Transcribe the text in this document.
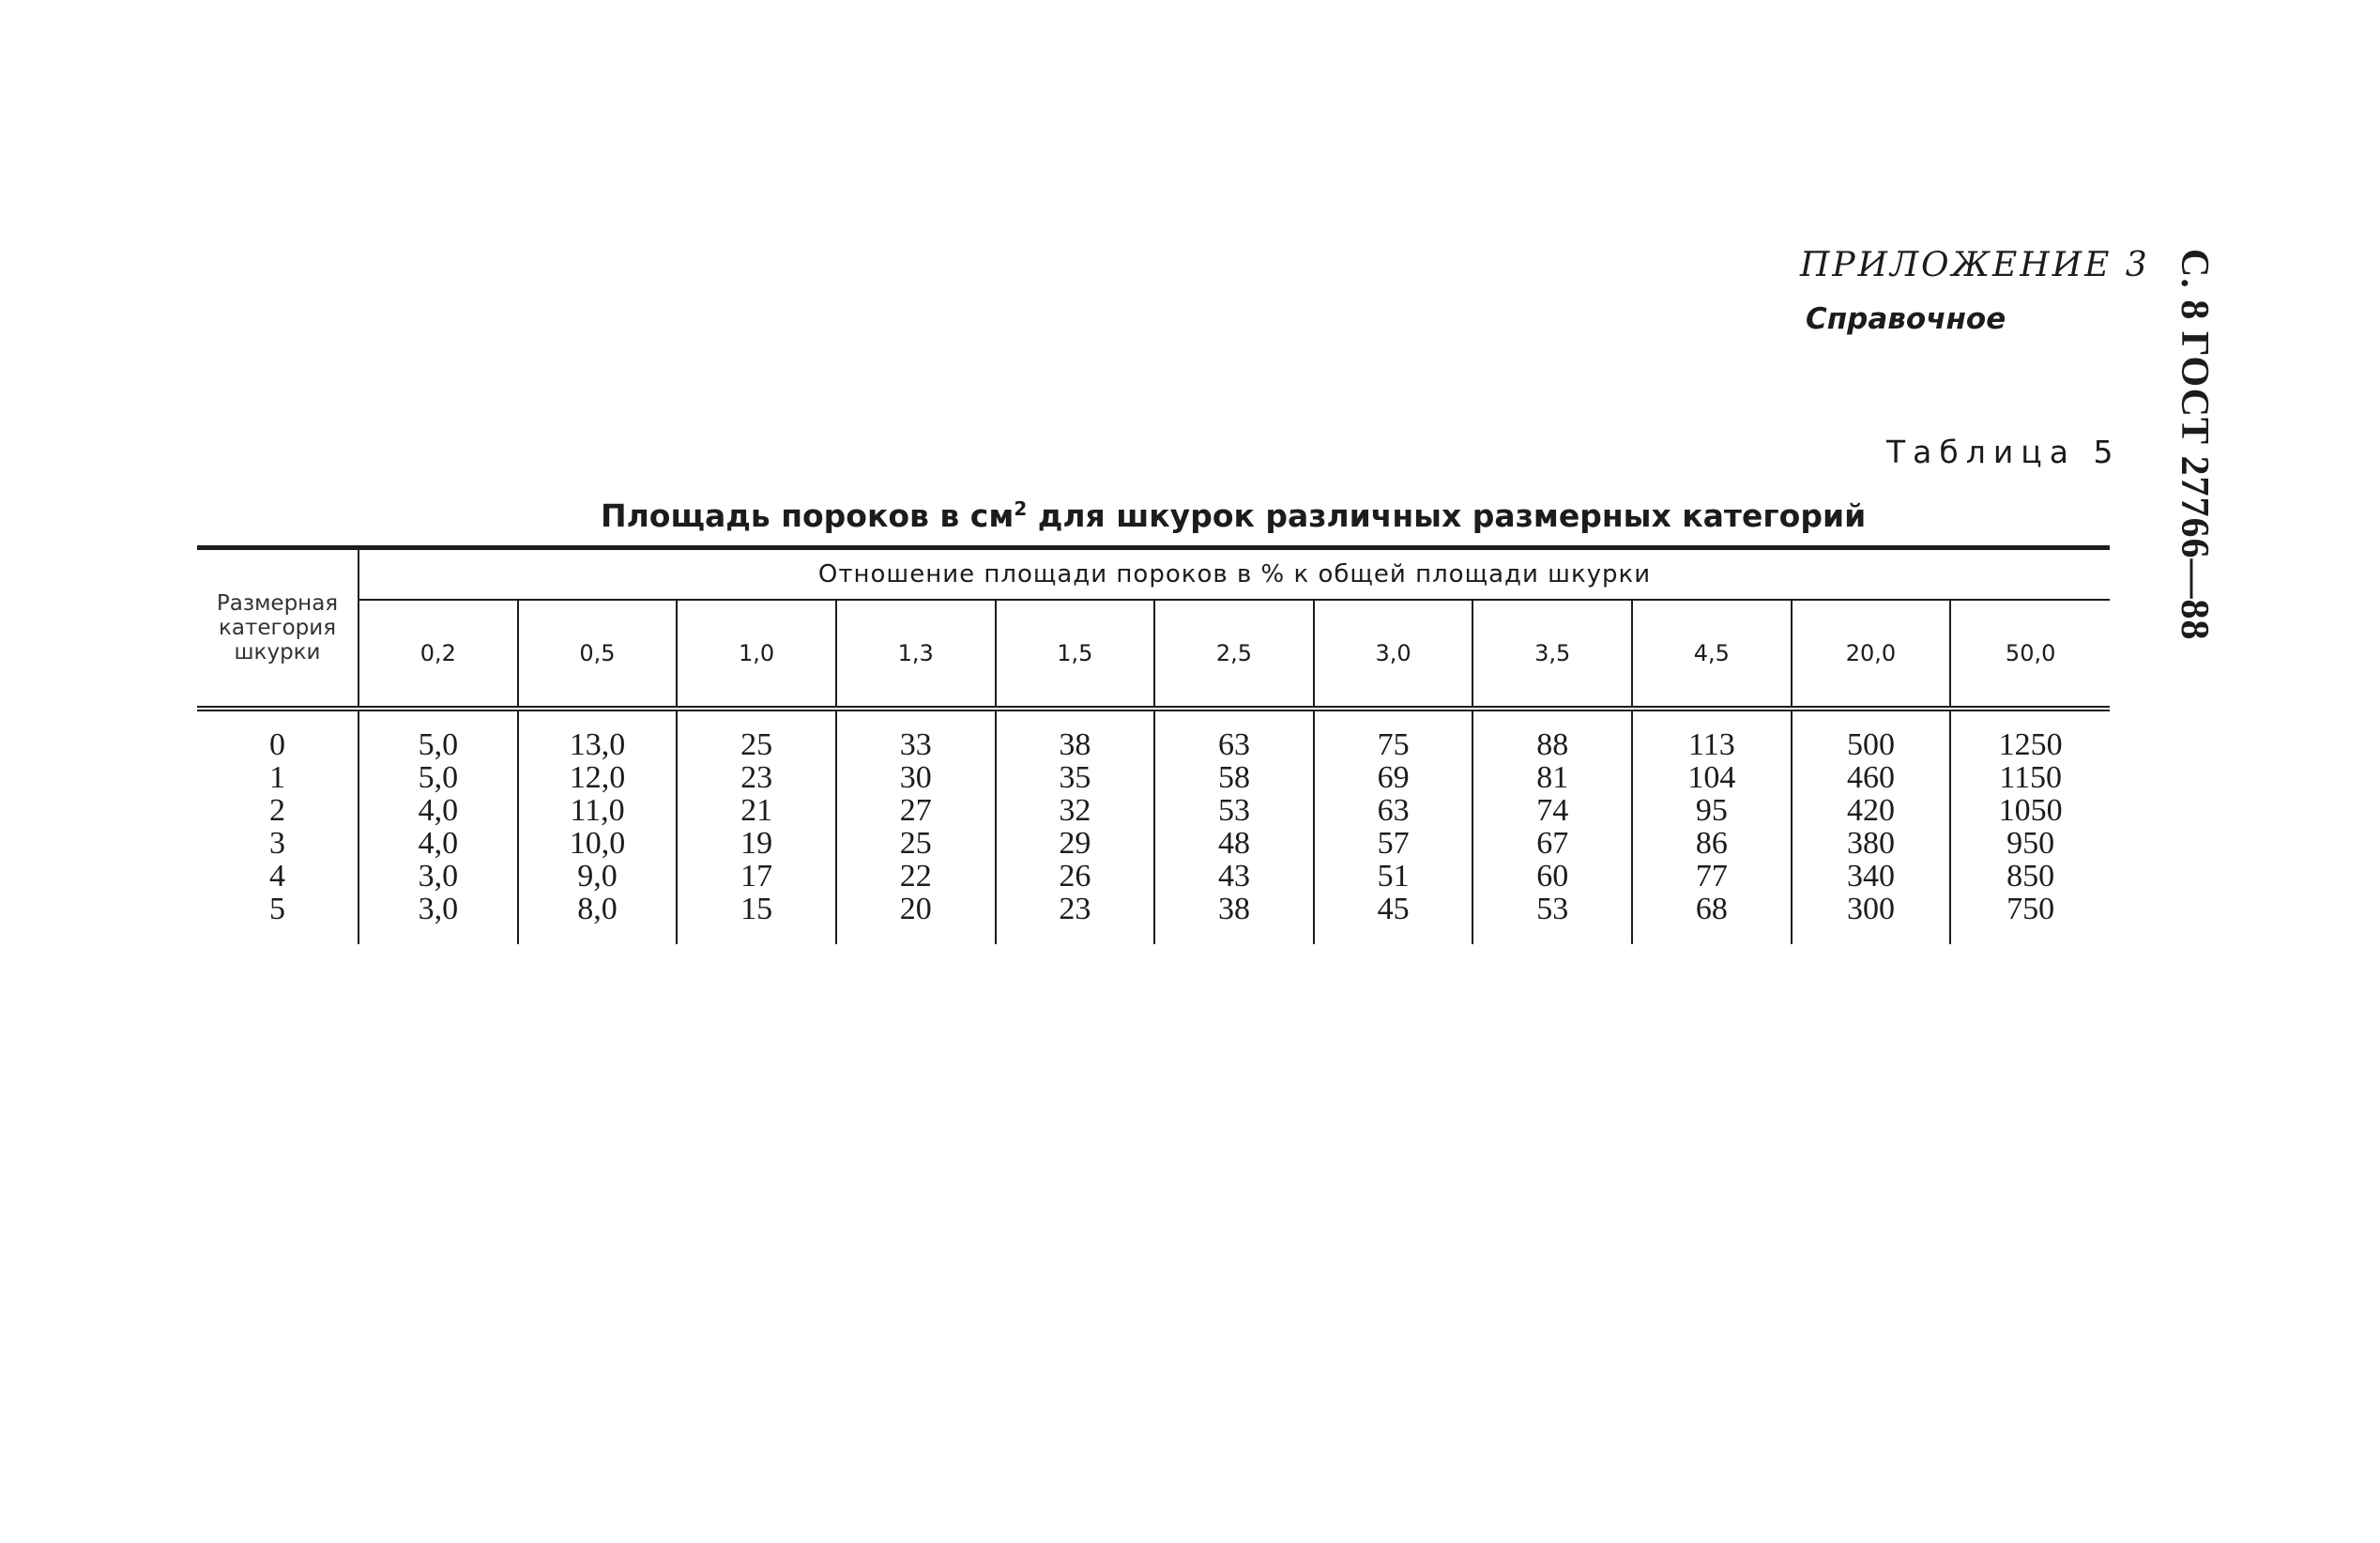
ПРИЛОЖЕНИЕ 3
Справочное	С. 8 ГОСТ 27766—88
Таблица 5
Площадь пороков в $см^2$ для шкурок различных размерных категорий
Размерная
категория
шкурки	Отношение площади пороков в % к общей площади шкурки										
	0,2	0,5	1,0	1,3	1,5	2,5	3,0	3,5	4,5	20,0	50,0

0	5,0	13,0	25	33	38	63	75	88	113	500	1250
1	5,0	12,0	23	30	35	58	69	81	104	460	1150
2	4,0	11,0	21	27	32	53	63	74	95	420	1050
3	4,0	10,0	19	25	29	48	57	67	86	380	950
4	3,0	9,0	17	22	26	43	51	60	77	340	850
5	3,0	8,0	15	20	23	38	45	53	68	300	750
